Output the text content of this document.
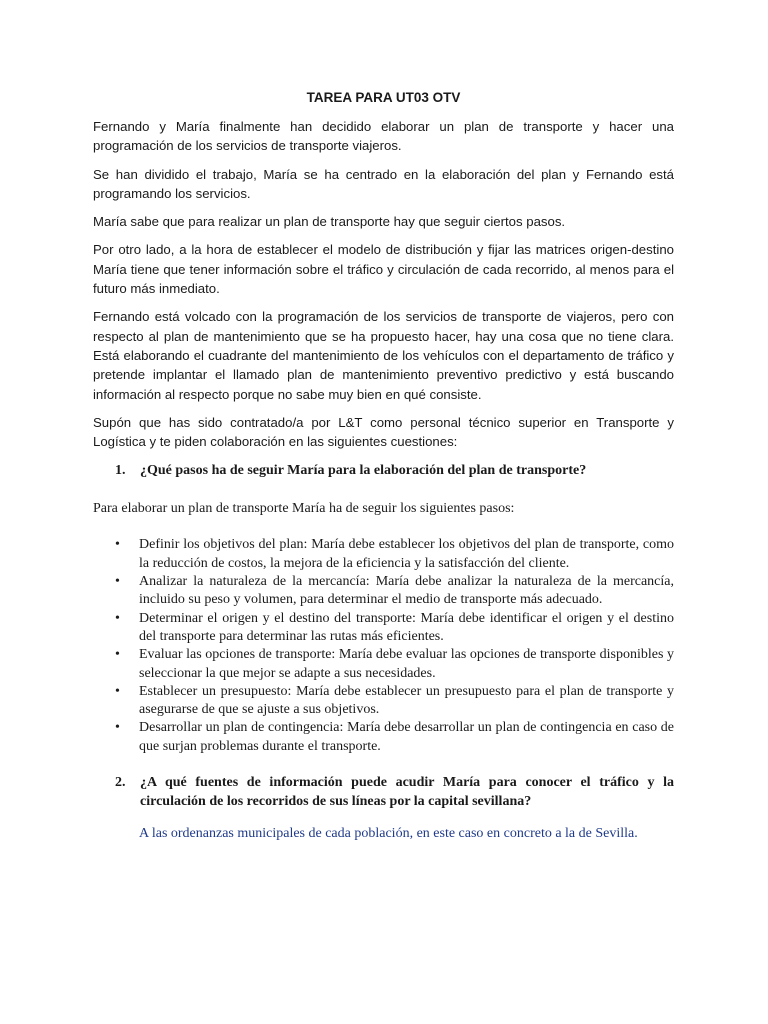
TAREA PARA UT03 OTV

Fernando y María finalmente han decidido elaborar un plan de transporte y hacer una programación de los servicios de transporte viajeros.

Se han dividido el trabajo, María se ha centrado en la elaboración del plan y Fernando está programando los servicios.

María sabe que para realizar un plan de transporte hay que seguir ciertos pasos.

Por otro lado, a la hora de establecer el modelo de distribución y fijar las matrices origen-destino María tiene que tener información sobre el tráfico y circulación de cada recorrido, al menos para el futuro más inmediato.

Fernando está volcado con la programación de los servicios de transporte de viajeros, pero con respecto al plan de mantenimiento que se ha propuesto hacer, hay una cosa que no tiene clara. Está elaborando el cuadrante del mantenimiento de los vehículos con el departamento de tráfico y pretende implantar el llamado plan de mantenimiento preventivo predictivo y está buscando información al respecto porque no sabe muy bien en qué consiste.

Supón que has sido contratado/a por L&T como personal técnico superior en Transporte y Logística y te piden colaboración en las siguientes cuestiones:

1.	¿Qué pasos ha de seguir María para la elaboración del plan de transporte?

Para elaborar un plan de transporte María ha de seguir los siguientes pasos:

•	Definir los objetivos del plan: María debe establecer los objetivos del plan de transporte, como la reducción de costos, la mejora de la eficiencia y la satisfacción del cliente.
•	Analizar la naturaleza de la mercancía: María debe analizar la naturaleza de la mercancía, incluido su peso y volumen, para determinar el medio de transporte más adecuado.
•	Determinar el origen y el destino del transporte: María debe identificar el origen y el destino del transporte para determinar las rutas más eficientes.
•	Evaluar las opciones de transporte: María debe evaluar las opciones de transporte disponibles y seleccionar la que mejor se adapte a sus necesidades.
•	Establecer un presupuesto: María debe establecer un presupuesto para el plan de transporte y asegurarse de que se ajuste a sus objetivos.
•	Desarrollar un plan de contingencia: María debe desarrollar un plan de contingencia en caso de que surjan problemas durante el transporte.
2.	¿A qué fuentes de información puede acudir María para conocer el tráfico y la circulación de los recorridos de sus líneas por la capital sevillana?

A las ordenanzas municipales de cada población, en este caso en concreto a la de Sevilla.
